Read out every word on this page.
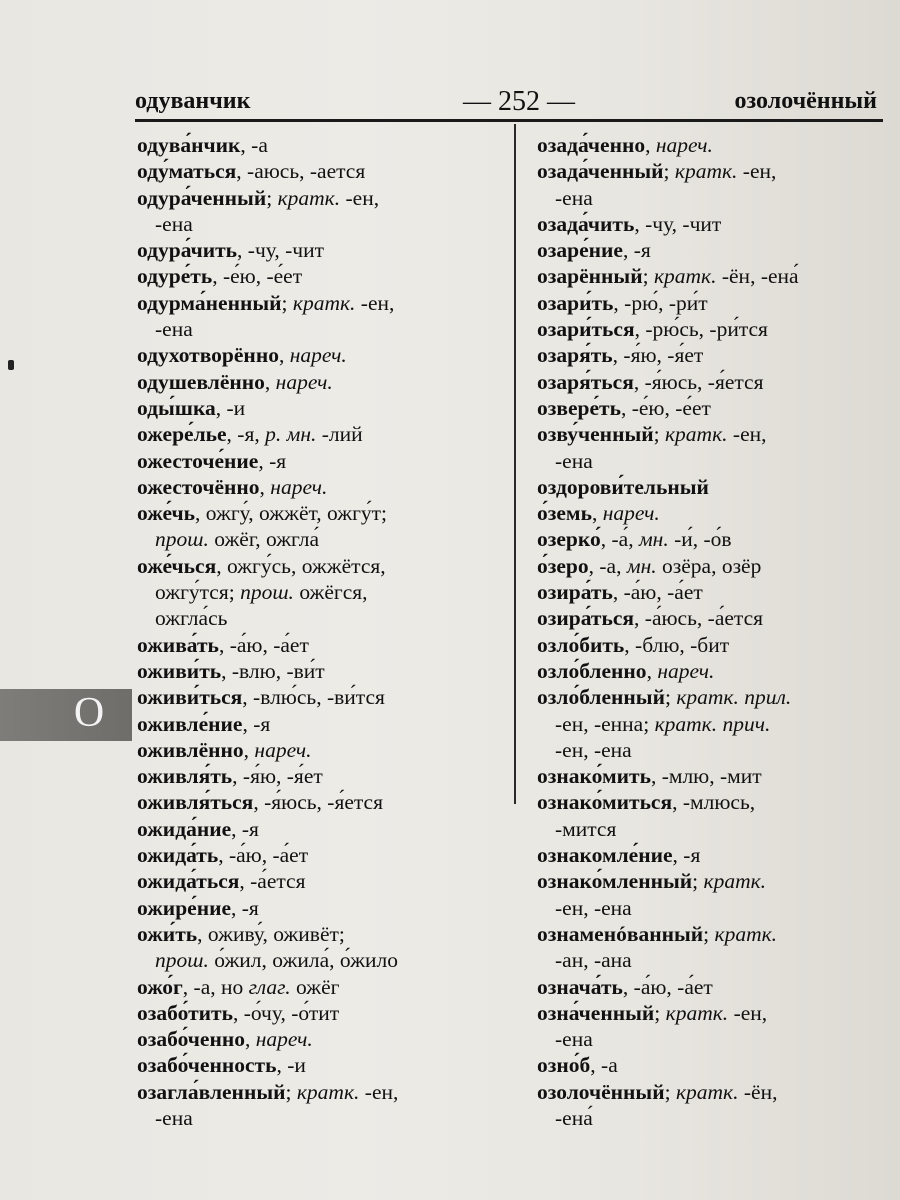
одуванчик	— 252 —	озолочённый
одува́нчик, -а
оду́маться, -аюсь, -ается
одура́ченный; кратк. -ен,
-ена
одура́чить, -чу, -чит
одуре́ть, -е́ю, -е́ет
одурма́ненный; кратк. -ен,
-ена
одухотворённо, нареч.
одушевлённо, нареч.
оды́шка, -и
ожере́лье, -я, р. мн. -лий
ожесточе́ние, -я
ожесточённо, нареч.
оже́чь, ожгу́, ожжёт, ожгу́т;
прош. ожёг, ожгла́
оже́чься, ожгу́сь, ожжётся,
ожгу́тся; прош. ожёгся,
ожгла́сь
ожива́ть, -а́ю, -а́ет
оживи́ть, -влю, -ви́т
оживи́ться, -влю́сь, -ви́тся
оживле́ние, -я
оживлённо, нареч.
оживля́ть, -я́ю, -я́ет
оживля́ться, -я́юсь, -я́ется
ожида́ние, -я
ожида́ть, -а́ю, -а́ет
ожида́ться, -а́ется
ожире́ние, -я
ожи́ть, оживу́, оживёт;
прош. о́жил, ожила́, о́жило
ожо́г, -а, но глаг. ожёг
озабо́тить, -о́чу, -о́тит
озабо́ченно, нареч.
озабо́ченность, -и
озагла́вленный; кратк. -ен,
-ена
озада́ченно, нареч.
озада́ченный; кратк. -ен,
-ена
озада́чить, -чу, -чит
озаре́ние, -я
озарённый; кратк. -ён, -ена́
озари́ть, -рю́, -ри́т
озари́ться, -рю́сь, -ри́тся
озаря́ть, -я́ю, -я́ет
озаря́ться, -я́юсь, -я́ется
озвере́ть, -е́ю, -е́ет
озву́ченный; кратк. -ен,
-ена
оздорови́тельный
о́земь, нареч.
озерко́, -а́, мн. -и́, -о́в
о́зеро, -а, мн. озёра, озёр
озира́ть, -а́ю, -а́ет
озира́ться, -а́юсь, -а́ется
озло́бить, -блю, -бит
озло́бленно, нареч.
озло́бленный; кратк. прил.
-ен, -енна; кратк. прич.
-ен, -ена
ознако́мить, -млю, -мит
ознако́миться, -млюсь,
-мится
ознакомле́ние, -я
ознако́мленный; кратк.
-ен, -ена
ознаменóванный; кратк.
-ан, -ана
означа́ть, -а́ю, -а́ет
озна́ченный; кратк. -ен,
-ена
озно́б, -а
озолочённый; кратк. -ён,
-ена́
О
